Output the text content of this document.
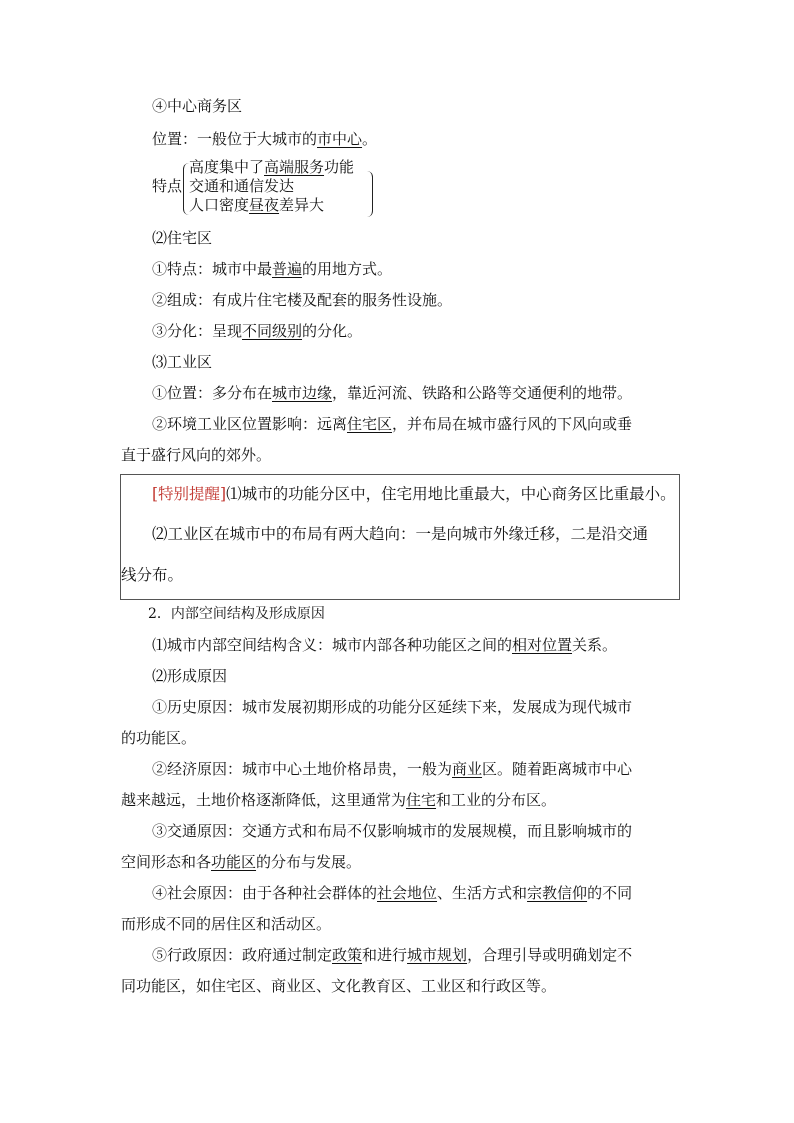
④中心商务区
位置：一般位于大城市的市中心。
特点
高度集中了高端服务功能
交通和通信发达
人口密度昼夜差异大
⑵住宅区
①特点：城市中最普遍的用地方式。
②组成：有成片住宅楼及配套的服务性设施。
③分化：呈现不同级别的分化。
⑶工业区
①位置：多分布在城市边缘，靠近河流、铁路和公路等交通便利的地带。
②环境工业区位置影响：远离住宅区，并布局在城市盛行风的下风向或垂
直于盛行风向的郊外。
[特别提醒]⑴城市的功能分区中，住宅用地比重最大，中心商务区比重最小。
⑵工业区在城市中的布局有两大趋向：一是向城市外缘迁移，二是沿交通
线分布。
2．内部空间结构及形成原因
⑴城市内部空间结构含义：城市内部各种功能区之间的相对位置关系。
⑵形成原因
①历史原因：城市发展初期形成的功能分区延续下来，发展成为现代城市
的功能区。
②经济原因：城市中心土地价格昂贵，一般为商业区。随着距离城市中心
越来越远，土地价格逐渐降低，这里通常为住宅和工业的分布区。
③交通原因：交通方式和布局不仅影响城市的发展规模，而且影响城市的
空间形态和各功能区的分布与发展。
④社会原因：由于各种社会群体的社会地位、生活方式和宗教信仰的不同
而形成不同的居住区和活动区。
⑤行政原因：政府通过制定政策和进行城市规划，合理引导或明确划定不
同功能区，如住宅区、商业区、文化教育区、工业区和行政区等。
